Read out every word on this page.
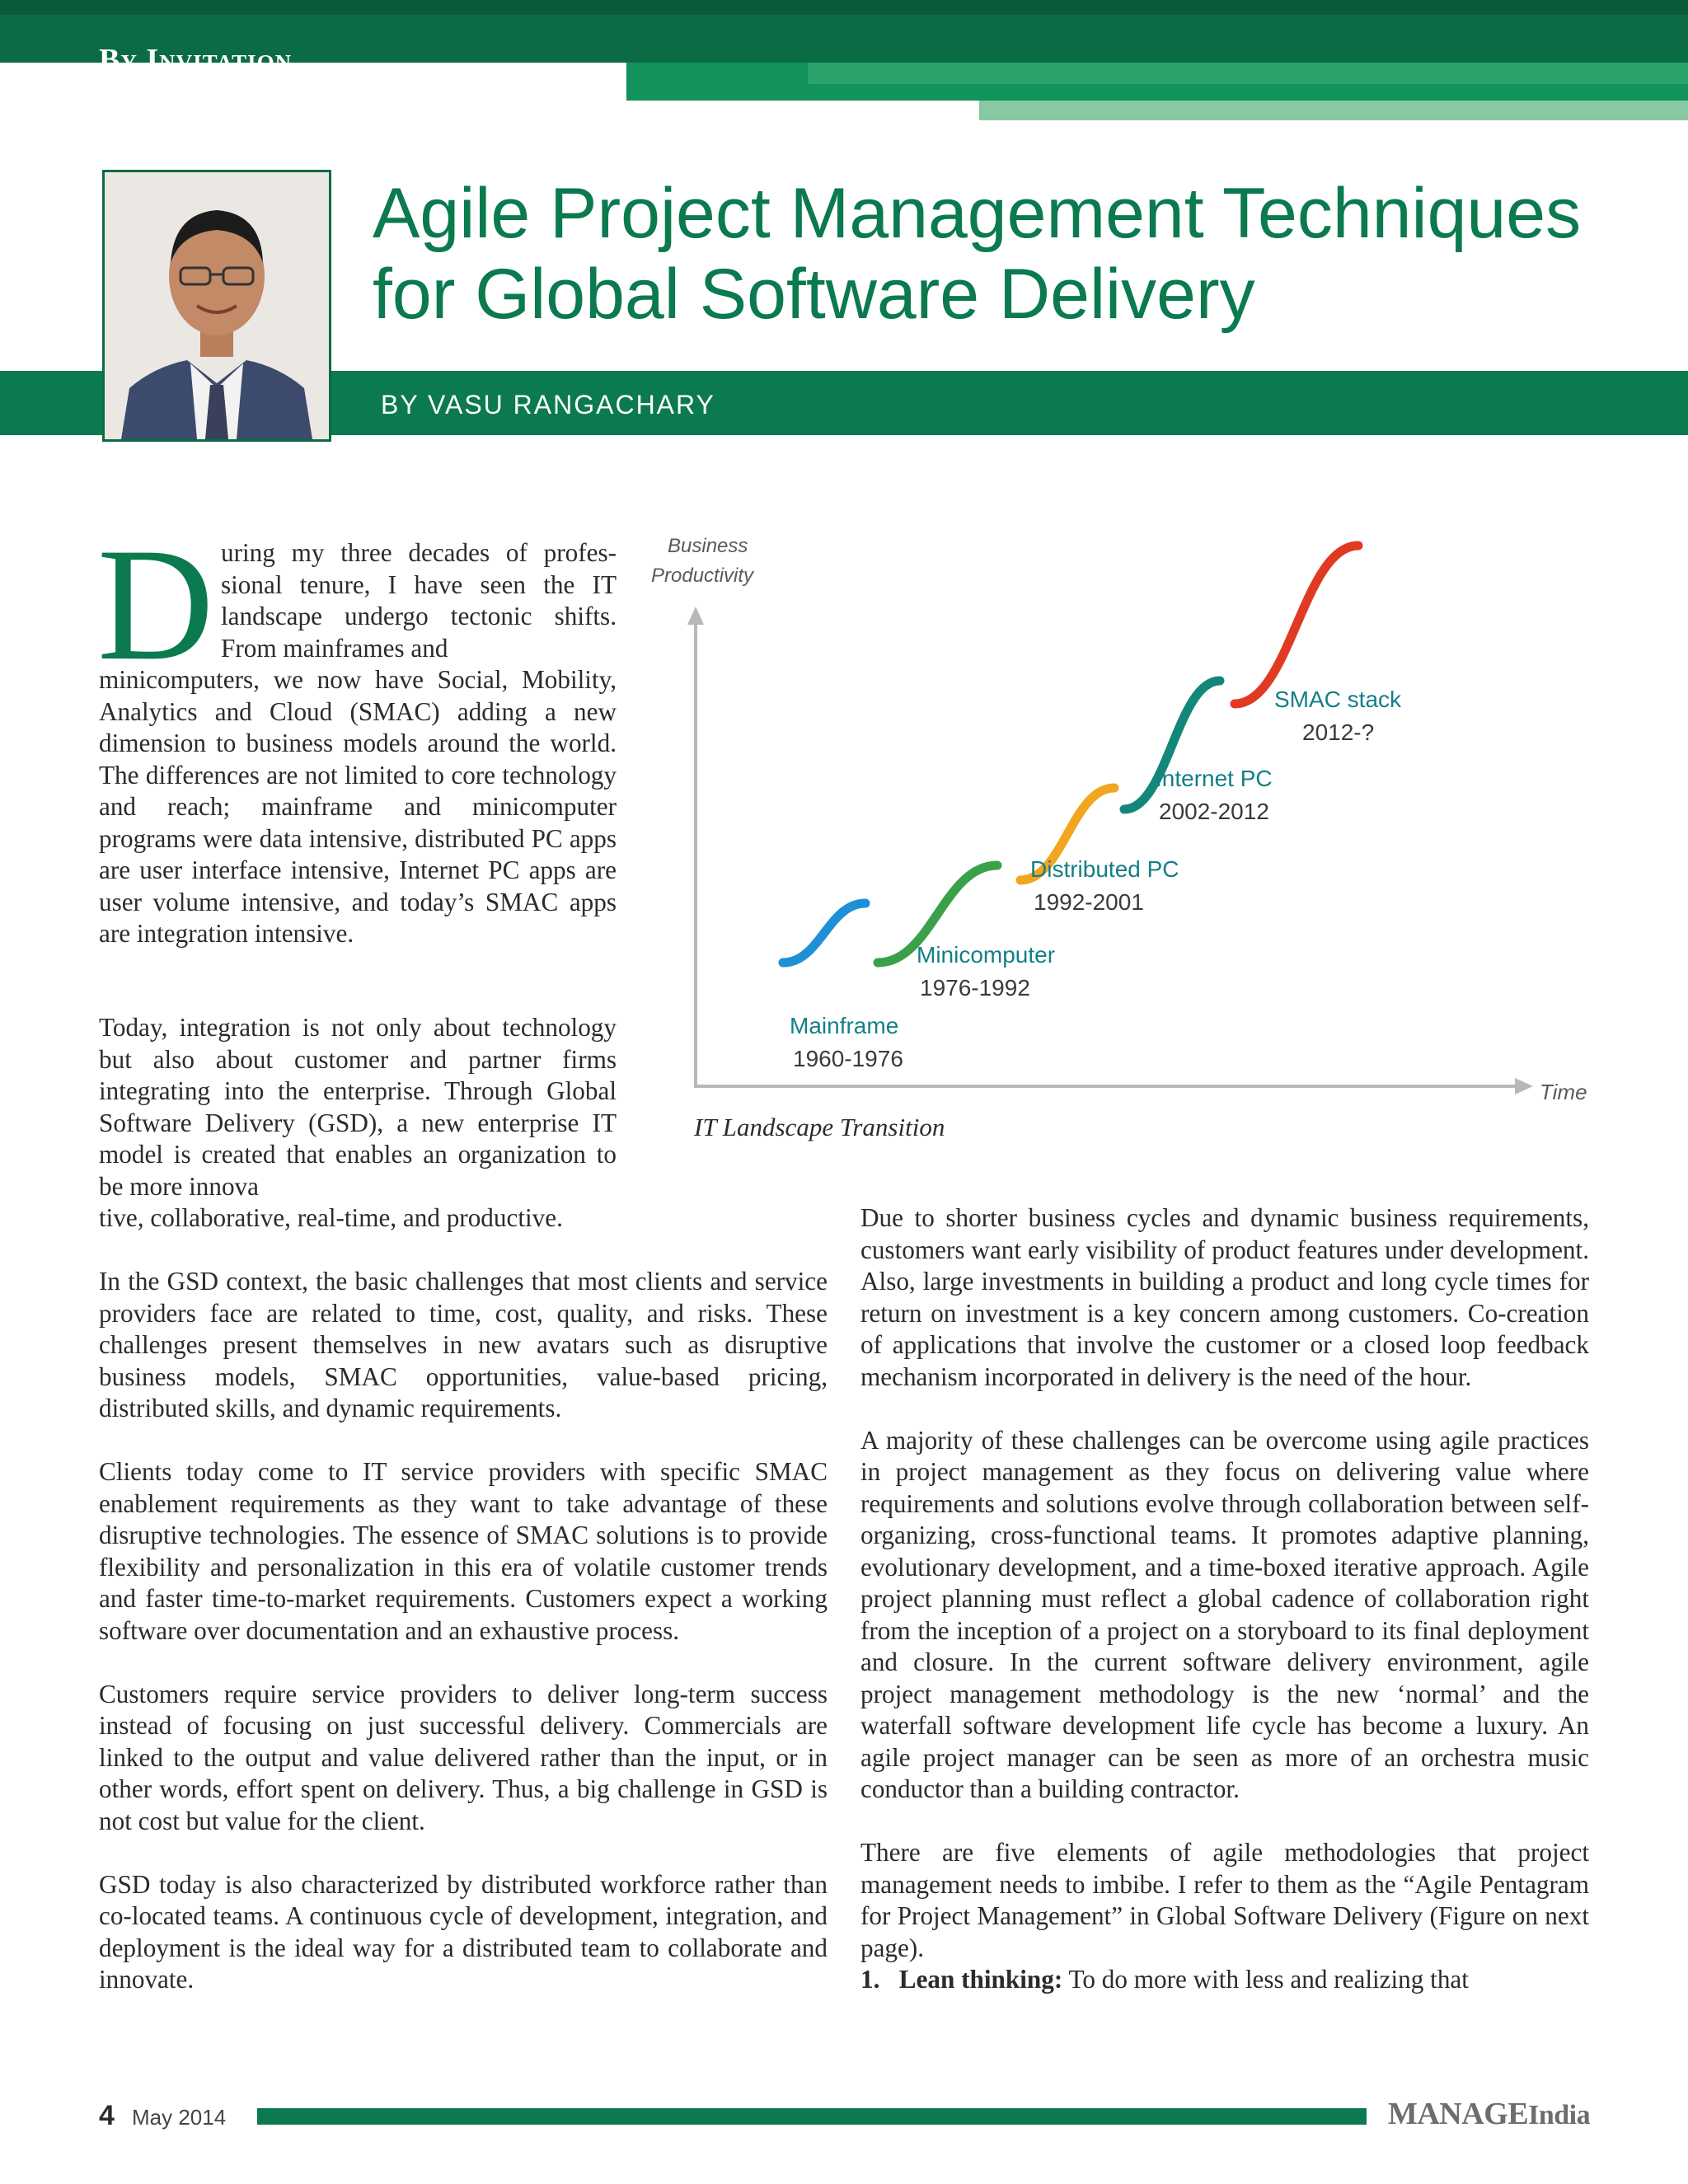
By Invitation
Agile Project Management Techniques
for Global Software Delivery
BY VASU RANGACHARY
D uring my three decades of professional tenure, I have seen the IT landscape undergo tectonic shifts. From mainframes and
minicomputers, we now have Social, Mobility, Analytics and Cloud (SMAC) adding a new dimension to business models around the world. The differences are not limited to core technology and reach; mainframe and minicomputer programs were data intensive, distributed PC apps are user interface intensive, Internet PC apps are user volume intensive, and today’s SMAC apps are integration intensive.
Today, integration is not only about technology but also about customer and partner firms integrating into the enterprise. Through Global Software Delivery (GSD), a new enterprise IT model is created that enables an organization to be more innova
tive, collaborative, real-time, and productive.

In the GSD context, the basic challenges that most clients and service providers face are related to time, cost, quality, and risks. These challenges present themselves in new avatars such as disruptive business models, SMAC opportunities, value-based pricing, distributed skills, and dynamic requirements.

Clients today come to IT service providers with specific SMAC enablement requirements as they want to take advantage of these disruptive technologies. The essence of SMAC solutions is to provide flexibility and personalization in this era of volatile customer trends and faster time-to-market requirements. Customers expect a working software over documentation and an exhaustive process.

Customers require service providers to deliver long-term success instead of focusing on just successful delivery. Commercials are linked to the output and value delivered rather than the input, or in other words, effort spent on delivery. Thus, a big challenge in GSD is not cost but value for the client.

GSD today is also characterized by distributed workforce rather than co-located teams. A continuous cycle of development, integration, and deployment is the ideal way for a distributed team to collaborate and innovate.

Due to shorter business cycles and dynamic business requirements, customers want early visibility of product features under development. Also, large investments in building a product and long cycle times for return on investment is a key concern among customers. Co-creation of applications that involve the customer or a closed loop feedback mechanism incorporated in delivery is the need of the hour.

A majority of these challenges can be overcome using agile practices in project management as they focus on delivering value where requirements and solutions evolve through collaboration between self-organizing, cross-functional teams. It promotes adaptive planning, evolutionary development, and a time-boxed iterative approach. Agile project planning must reflect a global cadence of collaboration right from the inception of a project on a storyboard to its final deployment and closure. In the current software delivery environment, agile project management methodology is the new ‘normal’ and the waterfall software development life cycle has become a luxury. An agile project manager can be seen as more of an orchestra music conductor than a building contractor.

There are five elements of agile methodologies that project management needs to imbibe. I refer to them as the “Agile Pentagram for Project Management” in Global Software Delivery (Figure on next page).

1. Lean thinking: To do more with less and realizing that

Business
Productivity
Time
Mainframe
1960-1976
Minicomputer
1976-1992
Distributed PC
1992-2001
Internet PC
2002-2012
SMAC stack
2012-?
IT Landscape Transition
4 May 2014	MANAGEIndia
